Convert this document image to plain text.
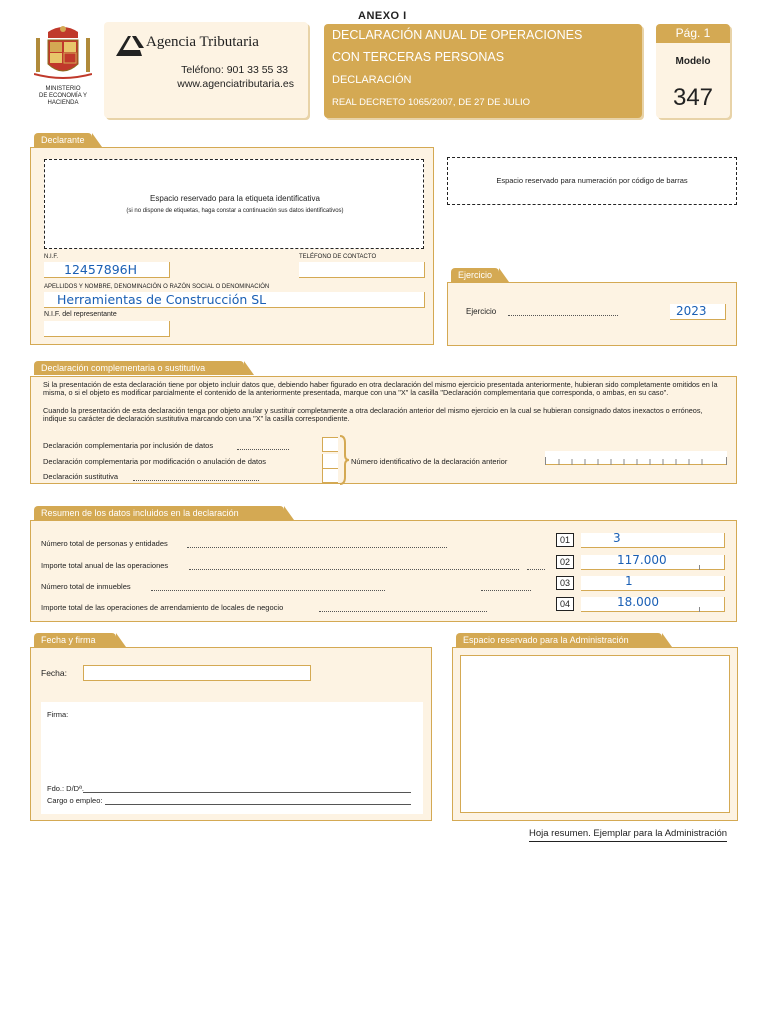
ANEXO I
MINISTERIO
DE ECONOMÍA Y
HACIENDA
Agencia Tributaria
Teléfono: 901 33 55 33
www.agenciatributaria.es
DECLARACIÓN ANUAL DE OPERACIONES
CON TERCERAS PERSONAS
DECLARACIÓN
REAL DECRETO 1065/2007, DE 27 DE JULIO
Pág. 1
Modelo
347
Declarante
Espacio reservado para la etiqueta identificativa
(si no dispone de etiquetas, haga constar a continuación sus datos identificativos)
N.I.F.
12457896H
TELÉFONO DE CONTACTO
APELLIDOS Y NOMBRE, DENOMINACIÓN O RAZÓN SOCIAL O DENOMINACIÓN
Herramientas de Construcción SL
N.I.F. del representante
Espacio reservado para numeración por código de barras
Ejercicio
Ejercicio	2023
Declaración complementaria o sustitutiva
Si la presentación de esta declaración tiene por objeto incluir datos que, debiendo haber figurado en otra declaración del mismo ejercicio presentada anteriormente, hubieran sido completamente omitidos en la misma, o si el objeto es modificar parcialmente el contenido de la anteriormente presentada, marque con una "X" la casilla "Declaración complementaria que corresponda, o ambas, en su caso".
Cuando la presentación de esta declaración tenga por objeto anular y sustituir completamente a otra declaración anterior del mismo ejercicio en la cual se hubieran consignado datos inexactos o erróneos, indique su carácter de declaración sustitutiva marcando con una "X" la casilla correspondiente.
Declaración complementaria por inclusión de datos
Declaración complementaria por modificación o anulación de datos
Declaración sustitutiva
Número identificativo de la declaración anterior
Resumen de los datos incluidos en la declaración
Número total de personas y entidades	01	3
Importe total anual de las operaciones	02	117.000
Número total de inmuebles	03	1
Importe total de las operaciones de arrendamiento de locales de negocio	04	18.000
Fecha y firma
Fecha:
Firma:
Fdo.: D/Dª.
Cargo o empleo:
Espacio reservado para la Administración
Hoja resumen. Ejemplar para la Administración
